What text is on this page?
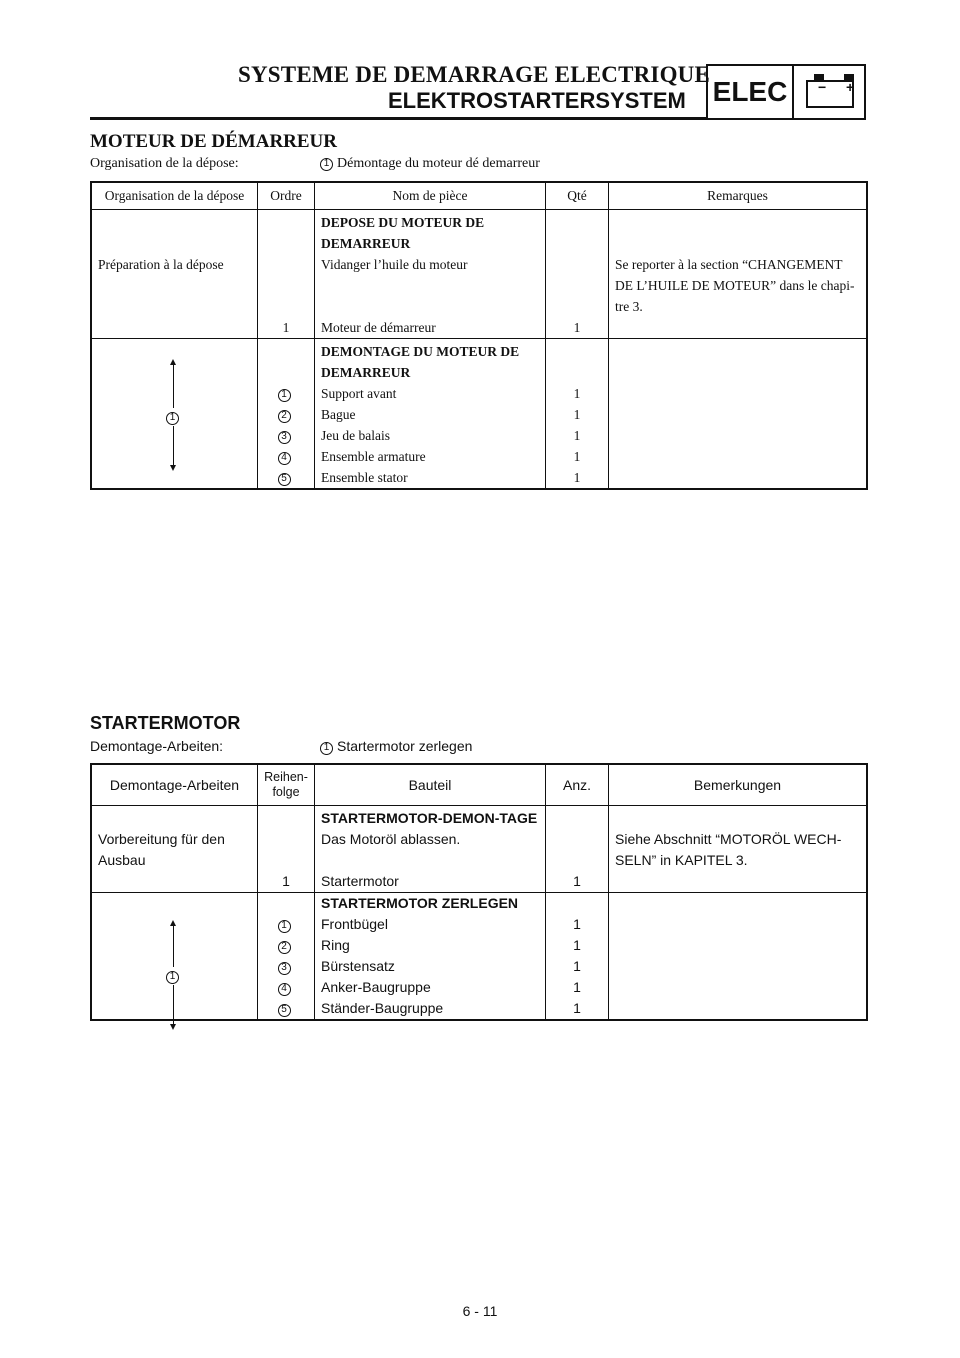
SYSTEME DE DEMARRAGE ELECTRIQUE
ELEKTROSTARTERSYSTEM ELEC	− +
MOTEUR DE DÉMARREUR
Organisation de la dépose:	1 Démontage du moteur dé demarreur
Organisation de la dépose	Ordre	Nom de pièce	Qté	Remarques
		DEPOSE DU MOTEUR DE DEMARREUR		
Préparation à la dépose		Vidanger l’huile du moteur		Se reporter à la section “CHANGEMENT DE L’HUILE DE MOTEUR” dans le chapi-tre 3.
	1	Moteur de démarreur	1	
		DEMONTAGE DU MOTEUR DE DEMARREUR		
	1	Support avant	1	
	2	Bague	1	
	3	Jeu de balais	1	
	4	Ensemble armature	1	
	5	Ensemble stator	1	
1
STARTERMOTOR
Demontage-Arbeiten:	1 Startermotor zerlegen
Demontage-Arbeiten	Reihen-folge	Bauteil	Anz.	Bemerkungen
		STARTERMOTOR-DEMON-TAGE		
Vorbereitung für den Ausbau		Das Motoröl ablassen.		Siehe Abschnitt “MOTORÖL WECH-SELN” in KAPITEL 3.
	1	Startermotor	1	
		STARTERMOTOR ZERLEGEN		
	1	Frontbügel	1	
	2	Ring	1	
	3	Bürstensatz	1	
	4	Anker-Baugruppe	1	
	5	Ständer-Baugruppe	1	
1
6 - 11
